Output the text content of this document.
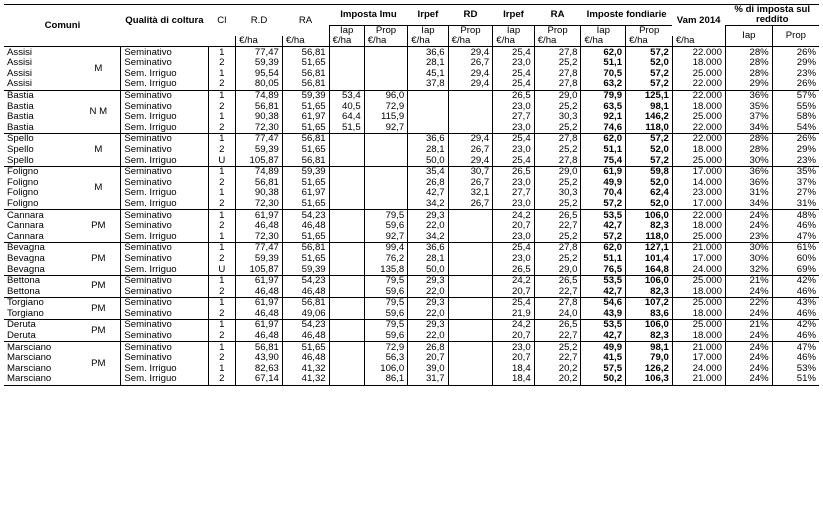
Comuni		Qualità di coltura	Cl	R.D	RA	Imposta Imu		Irpef	RD	Irpef	RA	Imposte fondiarie		Vam 2014	% di imposta sul reddito	
						Iap	Prop	Iap	Prop	Iap	Prop	Iap	Prop		Iap	Prop
				€/ha	€/ha	€/ha	€/ha	€/ha	€/ha	€/ha	€/ha	€/ha	€/ha	€/ha		
Assisi	M	Seminativo	1	77,47	56,81			36,6	29,4	25,4	27,8	62,0	57,2	22.000	28%	26%
Assisi		Seminativo	2	59,39	51,65			28,1	26,7	23,0	25,2	51,1	52,0	18.000	28%	29%
Assisi		Sem. Irriguo	1	95,54	56,81			45,1	29,4	25,4	27,8	70,5	57,2	25.000	28%	23%
Assisi		Sem. Irriguo	2	80,05	56,81			37,8	29,4	25,4	27,8	63,2	57,2	22.000	29%	26%
Bastia	N M	Seminativo	1	74,89	59,39	53,4	96,0			26,5	29,0	79,9	125,1	22.000	36%	57%
Bastia		Seminativo	2	56,81	51,65	40,5	72,9			23,0	25,2	63,5	98,1	18.000	35%	55%
Bastia		Sem. Irriguo	1	90,38	61,97	64,4	115,9			27,7	30,3	92,1	146,2	25.000	37%	58%
Bastia		Sem. Irriguo	2	72,30	51,65	51,5	92,7			23,0	25,2	74,6	118,0	22.000	34%	54%
Spello	M	Seminativo	1	77,47	56,81			36,6	29,4	25,4	27,8	62,0	57,2	22.000	28%	26%
Spello		Seminativo	2	59,39	51,65			28,1	26,7	23,0	25,2	51,1	52,0	18.000	28%	29%
Spello		Sem. Irriguo	U	105,87	56,81			50,0	29,4	25,4	27,8	75,4	57,2	25.000	30%	23%
Foligno	M	Seminativo	1	74,89	59,39			35,4	30,7	26,5	29,0	61,9	59,8	17.000	36%	35%
Foligno		Seminativo	2	56,81	51,65			26,8	26,7	23,0	25,2	49,9	52,0	14.000	36%	37%
Foligno		Sem. Irriguo	1	90,38	61,97			42,7	32,1	27,7	30,3	70,4	62,4	23.000	31%	27%
Foligno		Sem. Irriguo	2	72,30	51,65			34,2	26,7	23,0	25,2	57,2	52,0	17.000	34%	31%
Cannara	PM	Seminativo	1	61,97	54,23		79,5	29,3		24,2	26,5	53,5	106,0	22.000	24%	48%
Cannara		Seminativo	2	46,48	46,48		59,6	22,0		20,7	22,7	42,7	82,3	18.000	24%	46%
Cannara		Sem. Irriguo	1	72,30	51,65		92,7	34,2		23,0	25,2	57,2	118,0	25.000	23%	47%
Bevagna	PM	Seminativo	1	77,47	56,81		99,4	36,6		25,4	27,8	62,0	127,1	21.000	30%	61%
Bevagna		Seminativo	2	59,39	51,65		76,2	28,1		23,0	25,2	51,1	101,4	17.000	30%	60%
Bevagna		Sem. Irriguo	U	105,87	59,39		135,8	50,0		26,5	29,0	76,5	164,8	24.000	32%	69%
Bettona	PM	Seminativo	1	61,97	54,23		79,5	29,3		24,2	26,5	53,5	106,0	25.000	21%	42%
Bettona		Seminativo	2	46,48	46,48		59,6	22,0		20,7	22,7	42,7	82,3	18.000	24%	46%
Torgiano	PM	Seminativo	1	61,97	56,81		79,5	29,3		25,4	27,8	54,6	107,2	25.000	22%	43%
Torgiano		Seminativo	2	46,48	49,06		59,6	22,0		21,9	24,0	43,9	83,6	18.000	24%	46%
Deruta	PM	Seminativo	1	61,97	54,23		79,5	29,3		24,2	26,5	53,5	106,0	25.000	21%	42%
Deruta		Seminativo	2	46,48	46,48		59,6	22,0		20,7	22,7	42,7	82,3	18.000	24%	46%
Marsciano	PM	Seminativo	1	56,81	51,65		72,9	26,8		23,0	25,2	49,9	98,1	21.000	24%	47%
Marsciano		Seminativo	2	43,90	46,48		56,3	20,7		20,7	22,7	41,5	79,0	17.000	24%	46%
Marsciano		Sem. Irriguo	1	82,63	41,32		106,0	39,0		18,4	20,2	57,5	126,2	24.000	24%	53%
Marsciano		Sem. Irriguo	2	67,14	41,32		86,1	31,7		18,4	20,2	50,2	106,3	21.000	24%	51%
